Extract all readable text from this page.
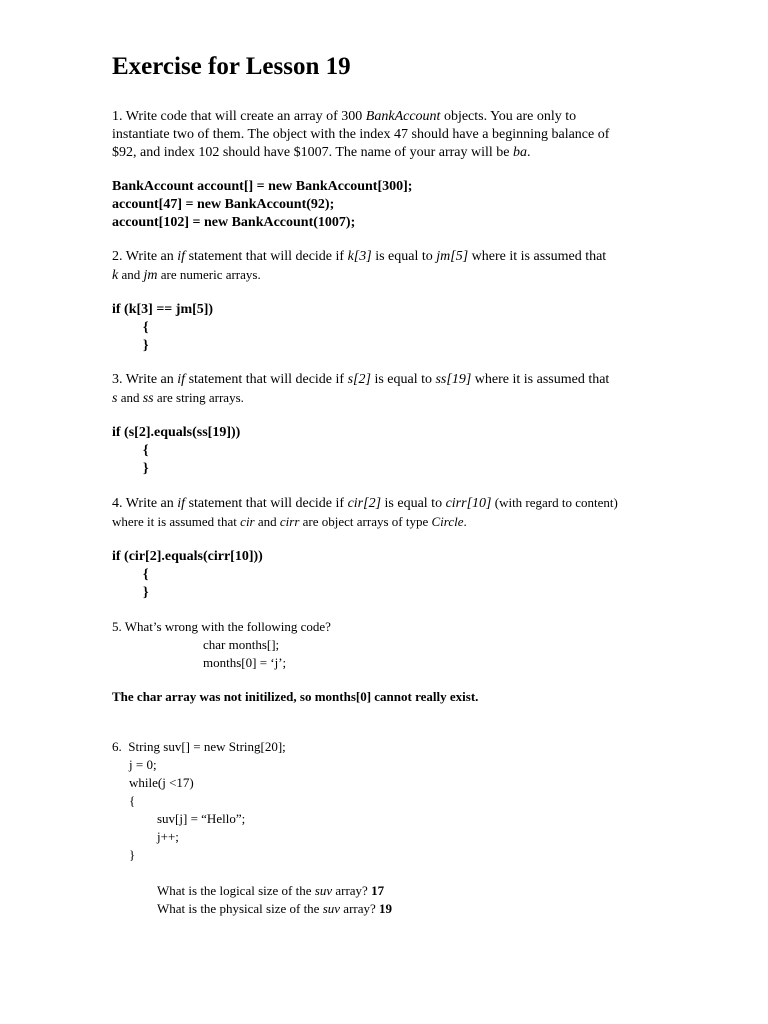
Exercise for Lesson 19

1. Write code that will create an array of 300 BankAccount objects. You are only to
instantiate two of them. The object with the index 47 should have a beginning balance of
$92, and index 102 should have $1007. The name of your array will be ba.

BankAccount account[] = new BankAccount[300];
account[47] = new BankAccount(92);
account[102] = new BankAccount(1007);

2. Write an if statement that will decide if k[3] is equal to jm[5] where it is assumed that
k and jm are numeric arrays.

if (k[3] == jm[5])
{
}

3. Write an if statement that will decide if s[2] is equal to ss[19] where it is assumed that
s and ss are string arrays.

if (s[2].equals(ss[19]))
{
}

4. Write an if statement that will decide if cir[2] is equal to cirr[10] (with regard to content)
where it is assumed that cir and cirr are object arrays of type Circle.

if (cir[2].equals(cirr[10]))
{
}

5. What’s wrong with the following code?

char months[];
months[0] = ‘j’;

The char array was not initilized, so months[0] cannot really exist.

6.  String suv[] = new String[20];
j = 0;
while(j <17)
{
suv[j] = “Hello”;
j++;
}

What is the logical size of the suv array? 17

What is the physical size of the suv array? 19
